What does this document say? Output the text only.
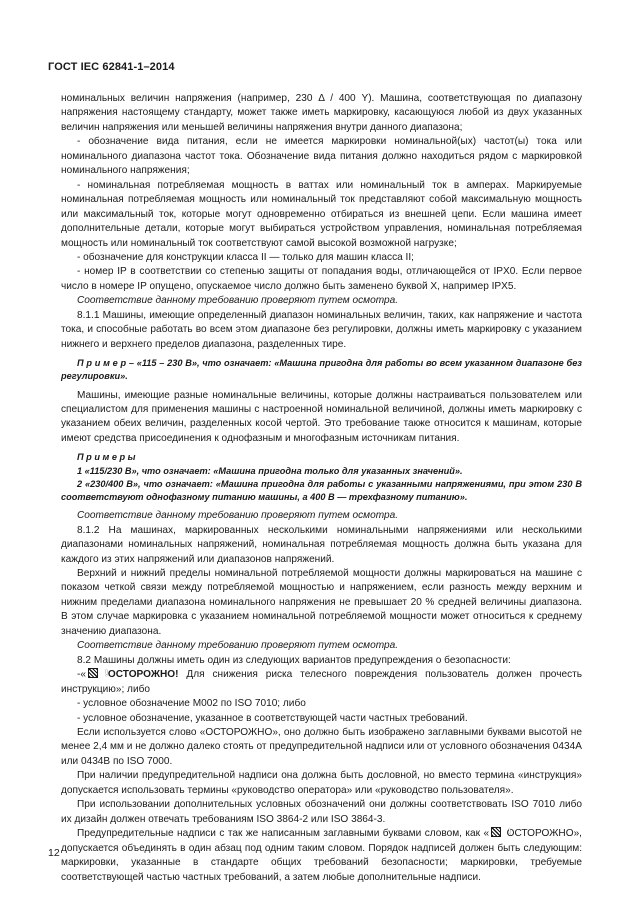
ГОСТ IEC 62841-1–2014

номинальных величин напряжения (например, 230 Δ / 400 Y). Машина, соответствующая по диапазону напряжения настоящему стандарту, может также иметь маркировку, касающуюся любой из двух указанных величин напряжения или меньшей величины напряжения внутри данного диапазона;

- обозначение вида питания, если не имеется маркировки номинальной(ых) частот(ы) тока или номинального диапазона частот тока. Обозначение вида питания должно находиться рядом с маркировкой номинального напряжения;

- номинальная потребляемая мощность в ваттах или номинальный ток в амперах. Маркируемые номинальная потребляемая мощность или номинальный ток представляют собой максимальную мощность или максимальный ток, которые могут одновременно отбираться из внешней цепи. Если машина имеет дополнительные детали, которые могут выбираться устройством управления, номинальная потребляемая мощность или номинальный ток соответствуют самой высокой возможной нагрузке;

- обозначение для конструкции класса II — только для машин класса II;

- номер IP в соответствии со степенью защиты от попадания воды, отличающейся от IPX0. Если первое число в номере IP опущено, опускаемое число должно быть заменено буквой X, например IPX5.

Соответствие данному требованию проверяют путем осмотра.

8.1.1 Машины, имеющие определенный диапазон номинальных величин, таких, как напряжение и частота тока, и способные работать во всем этом диапазоне без регулировки, должны иметь маркировку с указанием нижнего и верхнего пределов диапазона, разделенных тире.

П р и м е р – «115 – 230 В», что означает: «Машина пригодна для работы во всем указанном диапазоне без регулировки».

Машины, имеющие разные номинальные величины, которые должны настраиваться пользователем или специалистом для применения машины с настроенной номинальной величиной, должны иметь маркировку с указанием обеих величин, разделенных косой чертой. Это требование также относится к машинам, которые имеют средства присоединения к однофазным и многофазным источникам питания.

П р и м е р ы

1 «115/230 В», что означает: «Машина пригодна только для указанных значений».

2 «230/400 В», что означает: «Машина пригодна для работы с указанными напряжениями, при этом 230 В соответствуют однофазному питанию машины, а 400 В — трехфазному питанию».

Соответствие данному требованию проверяют путем осмотра.

8.1.2 На машинах, маркированных несколькими номинальными напряжениями или несколькими диапазонами номинальных напряжений, номинальная потребляемая мощность должна быть указана для каждого из этих напряжений или диапазонов напряжений.

Верхний и нижний пределы номинальной потребляемой мощности должны маркироваться на машине с показом четкой связи между потребляемой мощностью и напряжением, если разность между верхним и нижним пределами диапазона номинального напряжения не превышает 20 % средней величины диапазона. В этом случае маркировка с указанием номинальной потребляемой мощности может относиться к среднему значению диапазона.

Соответствие данному требованию проверяют путем осмотра.

8.2 Машины должны иметь один из следующих вариантов предупреждения о безопасности:

-«! ОСТОРОЖНО! Для снижения риска телесного повреждения пользователь должен прочесть инструкцию»; либо

- условное обозначение M002 по ISO 7010; либо

- условное обозначение, указанное в соответствующей части частных требований.

Если используется слово «ОСТОРОЖНО», оно должно быть изображено заглавными буквами высотой не менее 2,4 мм и не должно далеко стоять от предупредительной надписи или от условного обозначения 0434A или 0434B по ISO 7000.

При наличии предупредительной надписи она должна быть дословной, но вместо термина «инструкция» допускается использовать термины «руководство оператора» или «руководство пользователя».

При использовании дополнительных условных обозначений они должны соответствовать ISO 7010 либо их дизайн должен отвечать требованиям ISO 3864-2 или ISO 3864-3.

Предупредительные надписи с так же написанным заглавными буквами словом, как «! ОСТОРОЖНО», допускается объединять в один абзац под одним таким словом. Порядок надписей должен быть следующим: маркировки, указанные в стандарте общих требований безопасности; маркировки, требуемые соответствующей частью частных требований, а затем любые дополнительные надписи.

12
